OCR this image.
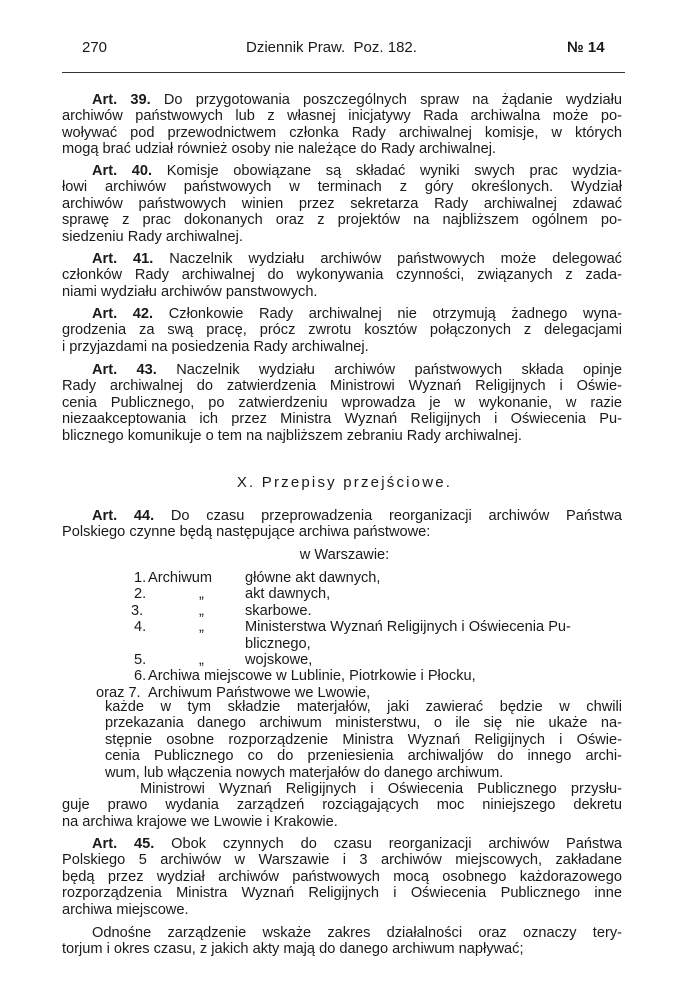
270	Dziennik Praw.  Poz. 182.	№ 14
Art. 39. Do przygotowania poszczególnych spraw na żądanie wydziału
archiwów państwowych lub z własnej inicjatywy Rada archiwalna może po-
woływać pod przewodnictwem członka Rady archiwalnej komisje, w których
mogą brać udział również osoby nie należące do Rady archiwalnej.
Art. 40. Komisje obowiązane są składać wyniki swych prac wydzia-
łowi archiwów państwowych w terminach z góry określonych. Wydział
archiwów państwowych winien przez sekretarza Rady archiwalnej zdawać
sprawę z prac dokonanych oraz z projektów na najbliższem ogólnem po-
siedzeniu Rady archiwalnej.
Art. 41. Naczelnik wydziału archiwów państwowych może delegować
członków Rady archiwalnej do wykonywania czynności, związanych z zada-
niami wydziału archiwów panstwowych.
Art. 42. Członkowie Rady archiwalnej nie otrzymują żadnego wyna-
grodzenia za swą pracę, prócz zwrotu kosztów połączonych z delegacjami
i przyjazdami na posiedzenia Rady archiwalnej.
Art. 43. Naczelnik wydziału archiwów państwowych składa opinje
Rady archiwalnej do zatwierdzenia Ministrowi Wyznań Religijnych i Oświe-
cenia Publicznego, po zatwierdzeniu wprowadza je w wykonanie, w razie
niezaakceptowania ich przez Ministra Wyznań Religijnych i Oświecenia Pu-
blicznego komunikuje o tem na najbliższem zebraniu Rady archiwalnej.
X. Przepisy przejściowe.
Art. 44. Do czasu przeprowadzenia reorganizacji archiwów Państwa
Polskiego czynne będą następujące archiwa państwowe:
w Warszawie:
1. Archiwum główne akt dawnych,
2.	„	akt dawnych,
3.	„	skarbowe.
4.	„	Ministerstwa Wyznań Religijnych i Oświecenia Pu-
blicznego,
5.	„	wojskowe,
6. Archiwa miejscowe w Lublinie, Piotrkowie i Płocku,
oraz 7. Archiwum Państwowe we Lwowie,
każde w tym składzie materjałów, jaki zawierać będzie w chwili
przekazania danego archiwum ministerstwu, o ile się nie ukaże na-
stępnie osobne rozporządzenie Ministra Wyznań Religijnych i Oświe-
cenia Publicznego co do przeniesienia archiwaljów do innego archi-
wum, lub włączenia nowych materjałów do danego archiwum.
Ministrowi Wyznań Religijnych i Oświecenia Publicznego przysłu-
guje prawo wydania zarządzeń rozciągających moc niniejszego dekretu
na archiwa krajowe we Lwowie i Krakowie.
Art. 45. Obok czynnych do czasu reorganizacji archiwów Państwa
Polskiego 5 archiwów w Warszawie i 3 archiwów miejscowych, zakładane
będą przez wydział archiwów państwowych mocą osobnego każdorazowego
rozporządzenia Ministra Wyznań Religijnych i Oświecenia Publicznego inne
archiwa miejscowe.
Odnośne zarządzenie wskaże zakres działalności oraz oznaczy tery-
torjum i okres czasu, z jakich akty mają do danego archiwum napływać;
